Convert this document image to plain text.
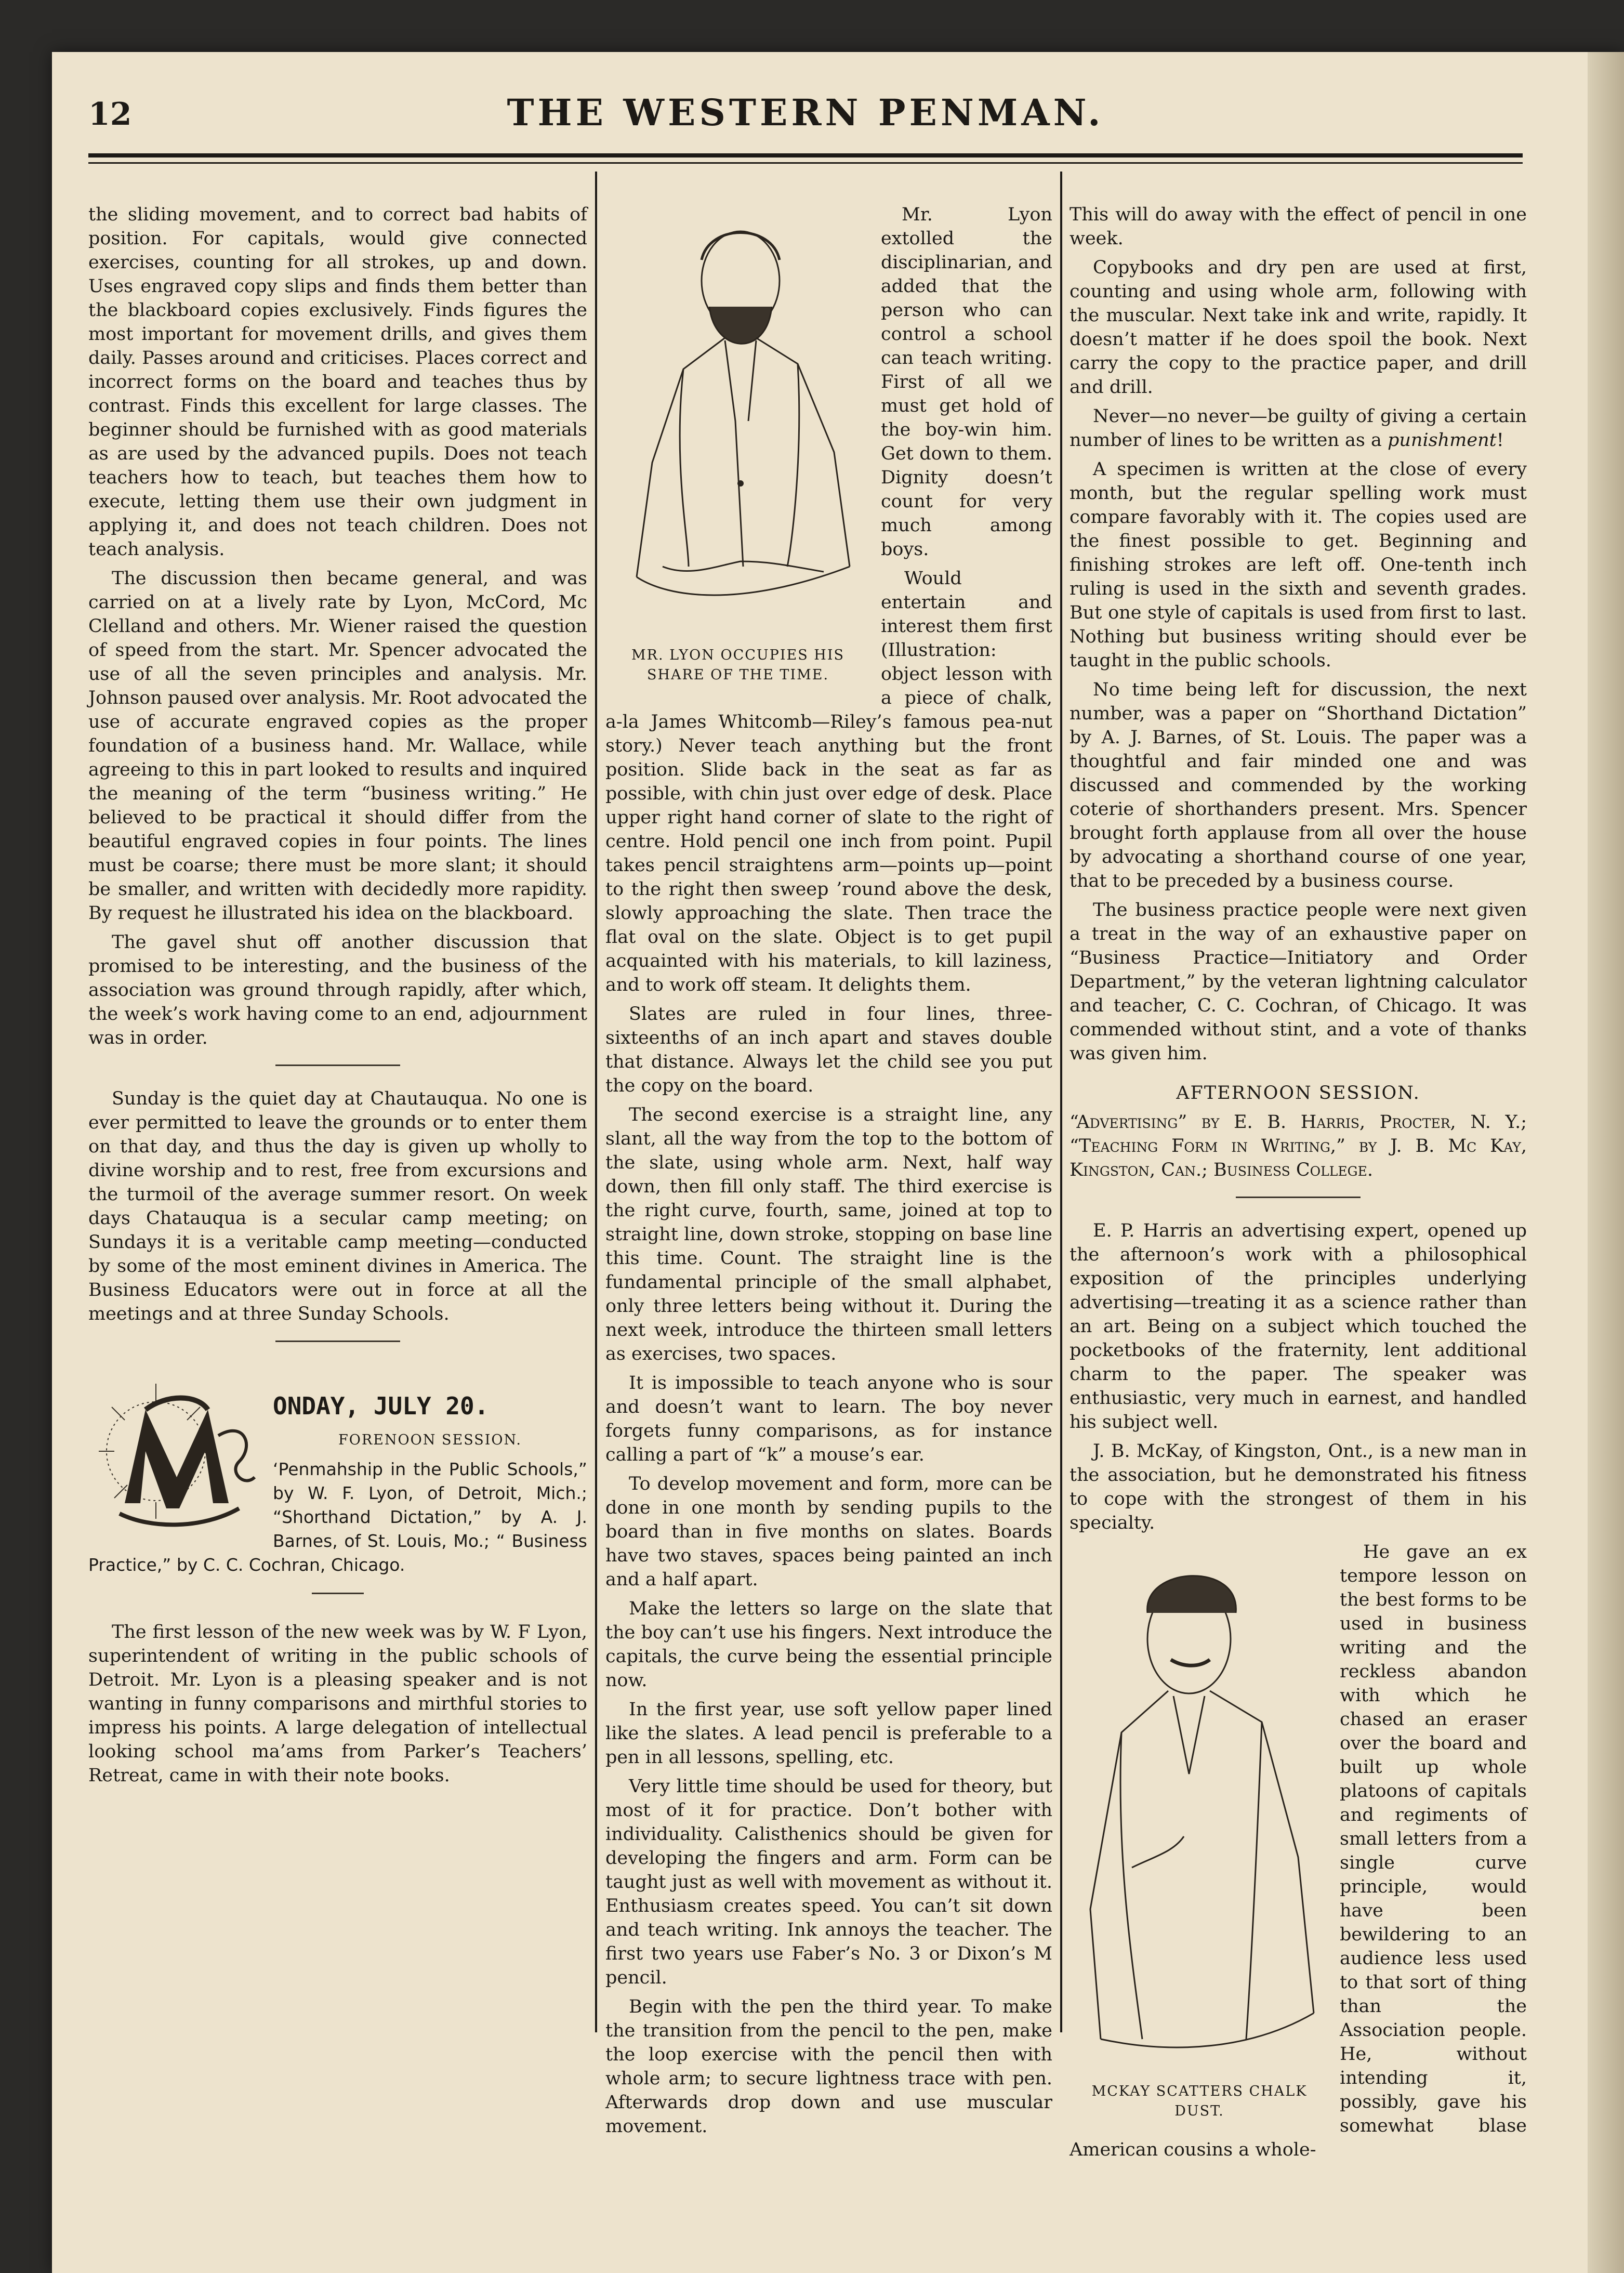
12	THE WESTERN PENMAN.

the sliding movement, and to correct bad habits of position. For capitals, would give connected exercises, counting for all strokes, up and down. Uses engraved copy slips and finds them better than the blackboard copies exclusively. Finds figures the most important for movement drills, and gives them daily. Passes around and criticises. Places correct and incorrect forms on the board and teaches thus by contrast. Finds this excellent for large classes. The beginner should be furnished with as good materials as are used by the advanced pupils. Does not teach teachers how to teach, but teaches them how to execute, letting them use their own judgment in applying it, and does not teach children. Does not teach analysis.

The discussion then became general, and was carried on at a lively rate by Lyon, McCord, Mc Clelland and others. Mr. Wiener raised the question of speed from the start. Mr. Spencer advocated the use of all the seven principles and analysis. Mr. Johnson paused over analysis. Mr. Root advocated the use of accurate engraved copies as the proper foundation of a business hand. Mr. Wallace, while agreeing to this in part looked to results and inquired the meaning of the term “business writing.” He believed to be practical it should differ from the beautiful engraved copies in four points. The lines must be coarse; there must be more slant; it should be smaller, and written with decidedly more rapidity. By request he illustrated his idea on the blackboard.

The gavel shut off another discussion that promised to be interesting, and the business of the association was ground through rapidly, after which, the week’s work having come to an end, adjournment was in order.

Sunday is the quiet day at Chautauqua. No one is ever permitted to leave the grounds or to enter them on that day, and thus the day is given up wholly to divine worship and to rest, free from excursions and the turmoil of the average summer resort. On week days Chatauqua is a secular camp meeting; on Sundays it is a veritable camp meeting—conducted by some of the most eminent divines in America. The Business Educators were out in force at all the meetings and at three Sunday Schools.

ONDAY, JULY 20.
FORENOON SESSION.
‘Penmahship in the Public Schools,” by W. F. Lyon, of Detroit, Mich.; “Shorthand Dictation,” by A. J. Barnes, of St. Louis, Mo.; “ Business Practice,” by C. C. Cochran, Chicago.

The first lesson of the new week was by W. F Lyon, superintendent of writing in the public schools of Detroit. Mr. Lyon is a pleasing speaker and is not wanting in funny comparisons and mirthful stories to impress his points. A large delegation of intellectual looking school ma’ams from Parker’s Teachers’ Retreat, came in with their note books.

MR. LYON OCCUPIES HIS SHARE OF THE TIME.

Mr. Lyon extolled the disciplinarian, and added that the person who can control a school can teach writing. First of all we must get hold of the boy-win him. Get down to them. Dignity doesn’t count for very much among boys.

Would entertain and interest them first (Illustration: object lesson with a piece of chalk, a-la James Whitcomb—Riley’s famous pea-nut story.) Never teach anything but the front position. Slide back in the seat as far as possible, with chin just over edge of desk. Place upper right hand corner of slate to the right of centre. Hold pencil one inch from point. Pupil takes pencil straightens arm—points up—point to the right then sweep ’round above the desk, slowly approaching the slate. Then trace the flat oval on the slate. Object is to get pupil acquainted with his materials, to kill laziness, and to work off steam. It delights them.

Slates are ruled in four lines, three-sixteenths of an inch apart and staves double that distance. Always let the child see you put the copy on the board.

The second exercise is a straight line, any slant, all the way from the top to the bottom of the slate, using whole arm. Next, half way down, then fill only staff. The third exercise is the right curve, fourth, same, joined at top to straight line, down stroke, stopping on base line this time. Count. The straight line is the fundamental principle of the small alphabet, only three letters being without it. During the next week, introduce the thirteen small letters as exercises, two spaces.

It is impossible to teach anyone who is sour and doesn’t want to learn. The boy never forgets funny comparisons, as for instance calling a part of “k” a mouse’s ear.

To develop movement and form, more can be done in one month by sending pupils to the board than in five months on slates. Boards have two staves, spaces being painted an inch and a half apart.

Make the letters so large on the slate that the boy can’t use his fingers. Next introduce the capitals, the curve being the essential principle now.

In the first year, use soft yellow paper lined like the slates. A lead pencil is preferable to a pen in all lessons, spelling, etc.

Very little time should be used for theory, but most of it for practice. Don’t bother with individuality. Calisthenics should be given for developing the fingers and arm. Form can be taught just as well with movement as without it. Enthusiasm creates speed. You can’t sit down and teach writing. Ink annoys the teacher. The first two years use Faber’s No. 3 or Dixon’s M pencil.

Begin with the pen the third year. To make the transition from the pencil to the pen, make the loop exercise with the pencil then with whole arm; to secure lightness trace with pen. Afterwards drop down and use muscular movement.

This will do away with the effect of pencil in one week.

Copybooks and dry pen are used at first, counting and using whole arm, following with the muscular. Next take ink and write, rapidly. It doesn’t matter if he does spoil the book. Next carry the copy to the practice paper, and drill and drill.

Never—no never—be guilty of giving a certain number of lines to be written as a punishment!

A specimen is written at the close of every month, but the regular spelling work must compare favorably with it. The copies used are the finest possible to get. Beginning and finishing strokes are left off. One-tenth inch ruling is used in the sixth and seventh grades. But one style of capitals is used from first to last. Nothing but business writing should ever be taught in the public schools.

No time being left for discussion, the next number, was a paper on “Shorthand Dictation” by A. J. Barnes, of St. Louis. The paper was a thoughtful and fair minded one and was discussed and commended by the working coterie of shorthanders present. Mrs. Spencer brought forth applause from all over the house by advocating a shorthand course of one year, that to be preceded by a business course.

The business practice people were next given a treat in the way of an exhaustive paper on “Business Practice—Initiatory and Order Department,” by the veteran lightning calculator and teacher, C. C. Cochran, of Chicago. It was commended without stint, and a vote of thanks was given him.

AFTERNOON SESSION.
“Advertising” by E. B. Harris, Procter, N. Y.; “Teaching Form in Writing,” by J. B. Mc Kay, Kingston, Can.; Business College.

E. P. Harris an advertising expert, opened up the afternoon’s work with a philosophical exposition of the principles underlying advertising—treating it as a science rather than an art. Being on a subject which touched the pocketbooks of the fraternity, lent additional charm to the paper. The speaker was enthusiastic, very much in earnest, and handled his subject well.

J. B. McKay, of Kingston, Ont., is a new man in the association, but he demonstrated his fitness to cope with the strongest of them in his specialty.

MCKAY SCATTERS CHALK DUST.

He gave an ex tempore lesson on the best forms to be used in business writing and the reckless abandon with which he chased an eraser over the board and built up whole platoons of capitals and regiments of small letters from a single curve principle, would have been bewildering to an audience less used to that sort of thing than the Association people. He, without intending it, possibly, gave his somewhat blase American cousins a whole-
